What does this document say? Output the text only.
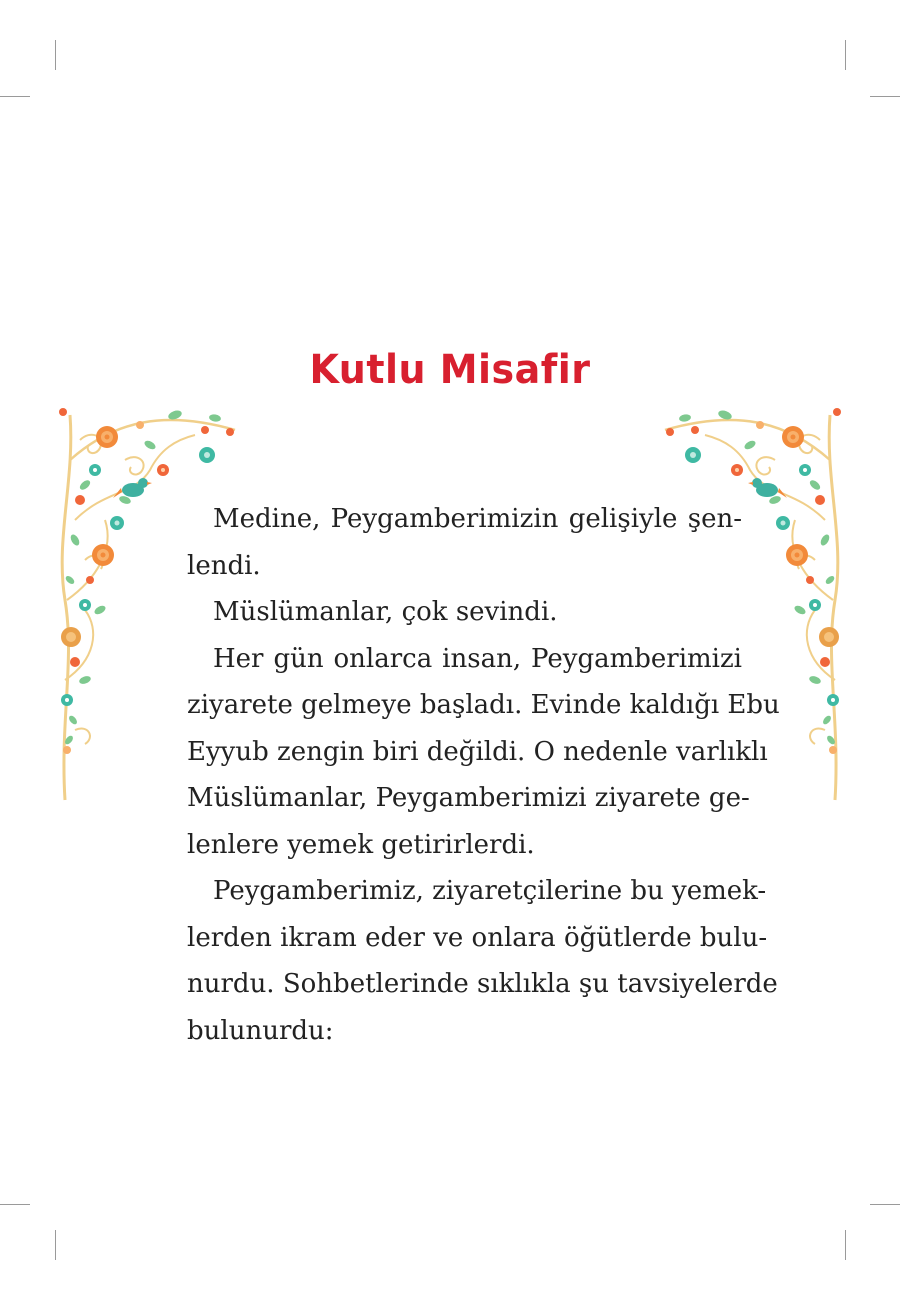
Kutlu Misafir
Medine, Peygamberimizin gelişiyle şen-
lendi.
Müslümanlar, çok sevindi.
Her gün onlarca insan, Peygamberimizi
ziyarete gelmeye başladı. Evinde kaldığı Ebu
Eyyub zengin biri değildi. O nedenle varlıklı
Müslümanlar, Peygamberimizi ziyarete ge-
lenlere yemek getirirlerdi.
Peygamberimiz, ziyaretçilerine bu yemek-
lerden ikram eder ve onlara öğütlerde bulu-
nurdu. Sohbetlerinde sıklıkla şu tavsiyelerde
bulunurdu:
